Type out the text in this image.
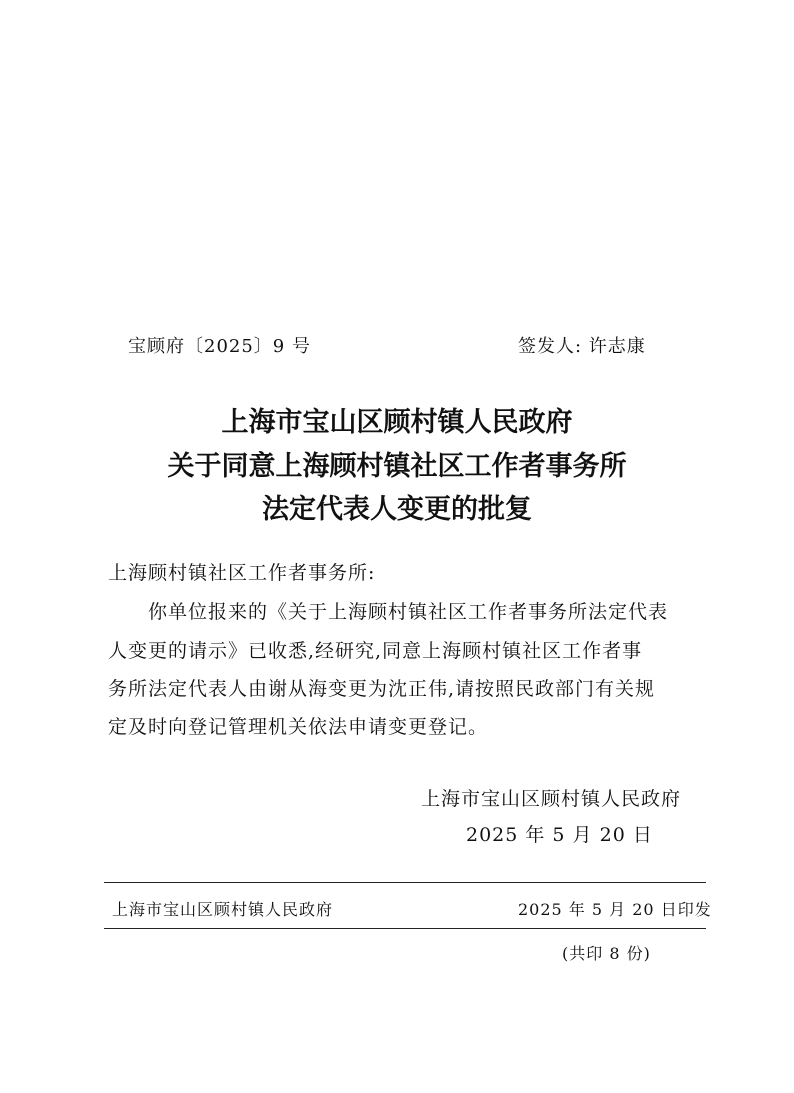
宝顾府〔2025〕9 号	签发人: 许志康
上海市宝山区顾村镇人民政府
关于同意上海顾村镇社区工作者事务所
法定代表人变更的批复
上海顾村镇社区工作者事务所:
你单位报来的《关于上海顾村镇社区工作者事务所法定代表
人变更的请示》已收悉,经研究,同意上海顾村镇社区工作者事
务所法定代表人由谢从海变更为沈正伟,请按照民政部门有关规
定及时向登记管理机关依法申请变更登记。
上海市宝山区顾村镇人民政府
2025 年 5 月 20 日
上海市宝山区顾村镇人民政府	2025 年 5 月 20 日印发
(共印 8 份)
